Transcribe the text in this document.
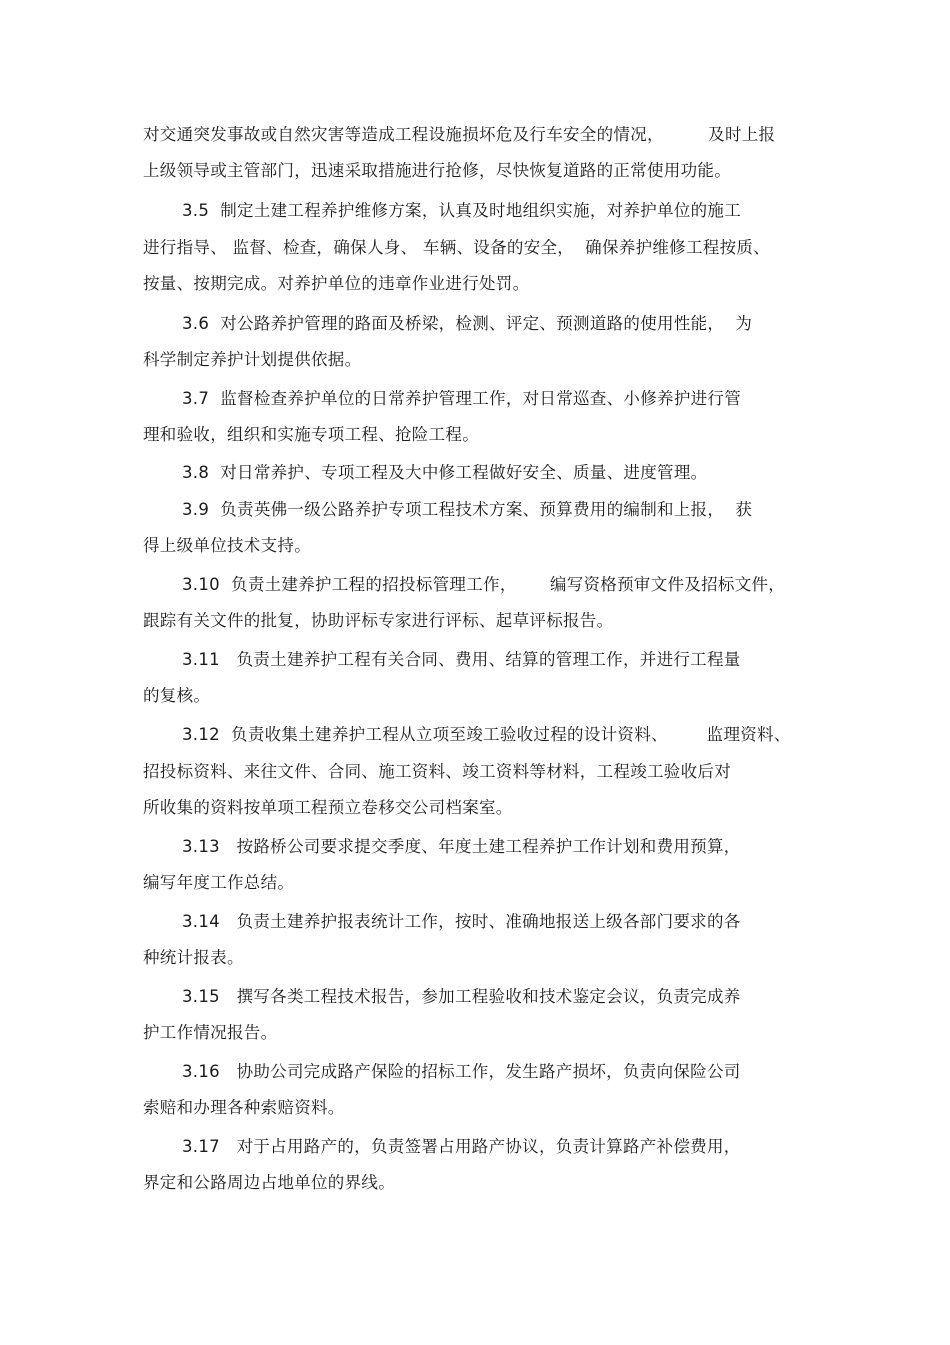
对交通突发事故或自然灾害等造成工程设施损坏危及行车安全的情况，        及时上报
上级领导或主管部门，迅速采取措施进行抢修，尽快恢复道路的正常使用功能。
3.5  制定土建工程养护维修方案，认真及时地组织实施，对养护单位的施工
进行指导、 监督、检查，确保人身、 车辆、设备的安全，  确保养护维修工程按质、
按量、按期完成。对养护单位的违章作业进行处罚。
3.6  对公路养护管理的路面及桥梁，检测、评定、预测道路的使用性能，  为
科学制定养护计划提供依据。
3.7  监督检查养护单位的日常养护管理工作，对日常巡查、小修养护进行管
理和验收，组织和实施专项工程、抢险工程。
3.8  对日常养护、专项工程及大中修工程做好安全、质量、进度管理。
3.9  负责英佛一级公路养护专项工程技术方案、预算费用的编制和上报，  获
得上级单位技术支持。
3.10  负责土建养护工程的招投标管理工作，      编写资格预审文件及招标文件，
跟踪有关文件的批复，协助评标专家进行评标、起草评标报告。
3.11   负责土建养护工程有关合同、费用、结算的管理工作，并进行工程量
的复核。
3.12  负责收集土建养护工程从立项至竣工验收过程的设计资料、       监理资料、
招投标资料、来往文件、合同、施工资料、竣工资料等材料，工程竣工验收后对
所收集的资料按单项工程预立卷移交公司档案室。
3.13   按路桥公司要求提交季度、年度土建工程养护工作计划和费用预算，
编写年度工作总结。
3.14   负责土建养护报表统计工作，按时、准确地报送上级各部门要求的各
种统计报表。
3.15   撰写各类工程技术报告，参加工程验收和技术鉴定会议，负责完成养
护工作情况报告。
3.16   协助公司完成路产保险的招标工作，发生路产损坏，负责向保险公司
索赔和办理各种索赔资料。
3.17   对于占用路产的，负责签署占用路产协议，负责计算路产补偿费用，
界定和公路周边占地单位的界线。
